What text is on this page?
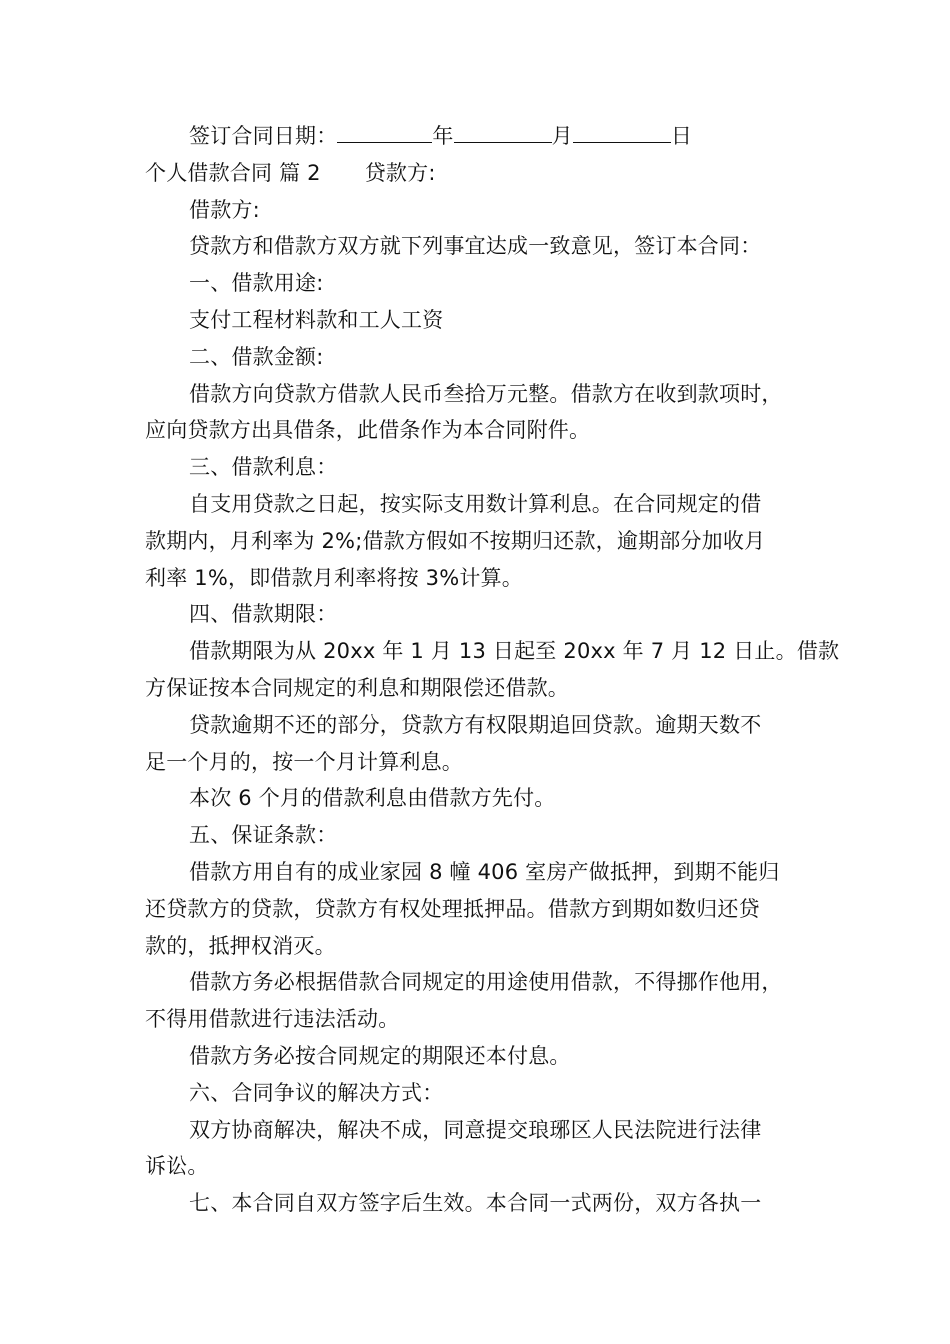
签订合同日期：	年	月	日
个人借款合同 篇 2 贷款方:
借款方:
贷款方和借款方双方就下列事宜达成一致意见，签订本合同：
一、借款用途:
支付工程材料款和工人工资
二、借款金额:
借款方向贷款方借款人民币叁拾万元整。借款方在收到款项时，
应向贷款方出具借条，此借条作为本合同附件。
三、借款利息：
自支用贷款之日起，按实际支用数计算利息。在合同规定的借
款期内，月利率为 2%;借款方假如不按期归还款，逾期部分加收月
利率 1%，即借款月利率将按 3%计算。
四、借款期限：
借款期限为从 20xx 年 1 月 13 日起至 20xx 年 7 月 12 日止。借款
方保证按本合同规定的利息和期限偿还借款。
贷款逾期不还的部分，贷款方有权限期追回贷款。逾期天数不
足一个月的，按一个月计算利息。
本次 6 个月的借款利息由借款方先付。
五、保证条款：
借款方用自有的成业家园 8 幢 406 室房产做抵押，到期不能归
还贷款方的贷款，贷款方有权处理抵押品。借款方到期如数归还贷
款的，抵押权消灭。
借款方务必根据借款合同规定的用途使用借款，不得挪作他用，
不得用借款进行违法活动。
借款方务必按合同规定的期限还本付息。
六、合同争议的解决方式：
双方协商解决，解决不成，同意提交琅琊区人民法院进行法律
诉讼。
七、本合同自双方签字后生效。本合同一式两份，双方各执一
